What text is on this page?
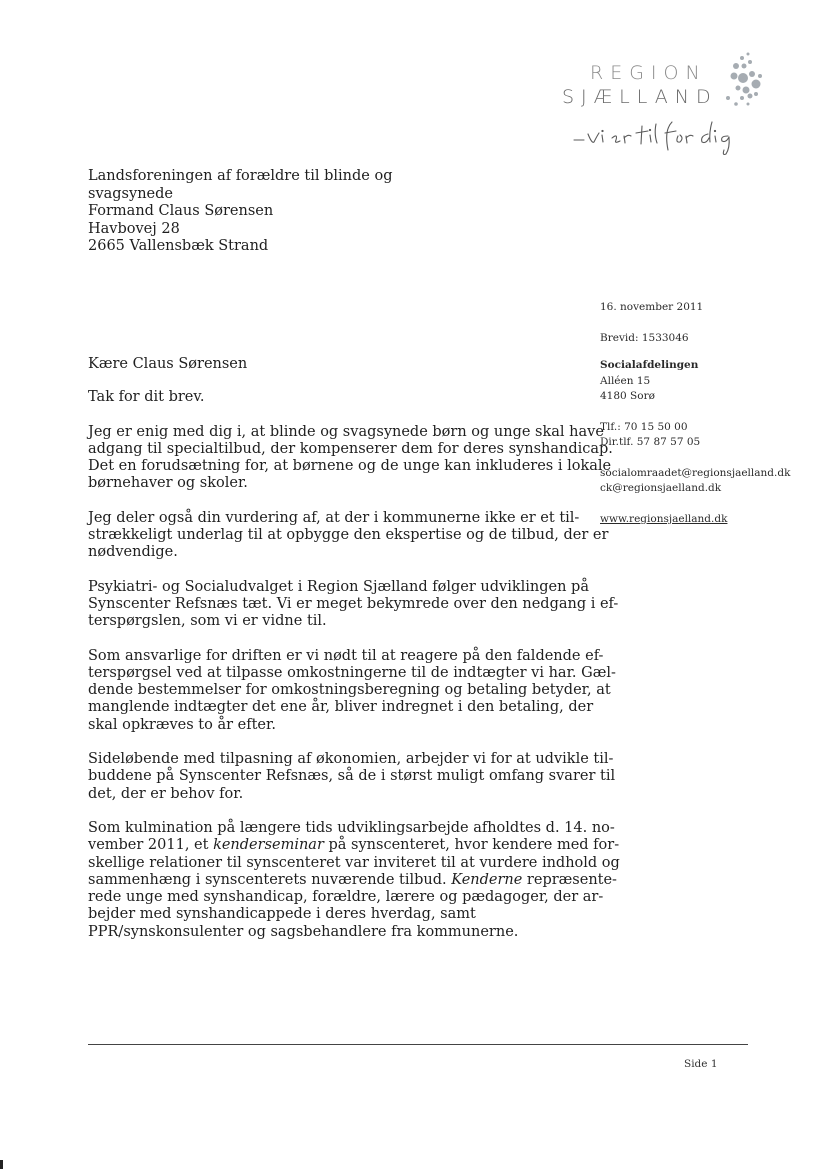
REGION
SJÆLLAND
Landsforeningen af forældre til blinde og
svagsynede
Formand Claus Sørensen
Havbovej 28
2665 Vallensbæk Strand
16. november 2011
Brevid: 1533046
Socialafdelingen
Alléen 15
4180 Sorø
Tlf.: 70 15 50 00
Dir.tlf. 57 87 57 05
socialomraadet@regionsjaelland.dk
ck@regionsjaelland.dk
www.regionsjaelland.dk

Kære Claus Sørensen

Tak for dit brev.

Jeg er enig med dig i, at blinde og svagsynede børn og unge skal have
adgang til specialtilbud, der kompenserer dem for deres synshandicap.
Det en forudsætning for, at børnene og de unge kan inkluderes i lokale
børnehaver og skoler.

Jeg deler også din vurdering af, at der i kommunerne ikke er et til-
strækkeligt underlag til at opbygge den ekspertise og de tilbud, der er
nødvendige.

Psykiatri- og Socialudvalget i Region Sjælland følger udviklingen på
Synscenter Refsnæs tæt. Vi er meget bekymrede over den nedgang i ef-
terspørgslen, som vi er vidne til.

Som ansvarlige for driften er vi nødt til at reagere på den faldende ef-
terspørgsel ved at tilpasse omkostningerne til de indtægter vi har. Gæl-
dende bestemmelser for omkostningsberegning og betaling betyder, at
manglende indtægter det ene år, bliver indregnet i den betaling, der
skal opkræves to år efter.

Sideløbende med tilpasning af økonomien, arbejder vi for at udvikle til-
buddene på Synscenter Refsnæs, så de i størst muligt omfang svarer til
det, der er behov for.

Som kulmination på længere tids udviklingsarbejde afholdtes d. 14. no-
vember 2011, et kenderseminar på synscenteret, hvor kendere med for-
skellige relationer til synscenteret var inviteret til at vurdere indhold og
sammenhæng i synscenterets nuværende tilbud. Kenderne repræsente-
rede unge med synshandicap, forældre, lærere og pædagoger, der ar-
bejder med synshandicappede i deres hverdag, samt
PPR/synskonsulenter og sagsbehandlere fra kommunerne.

Side 1
